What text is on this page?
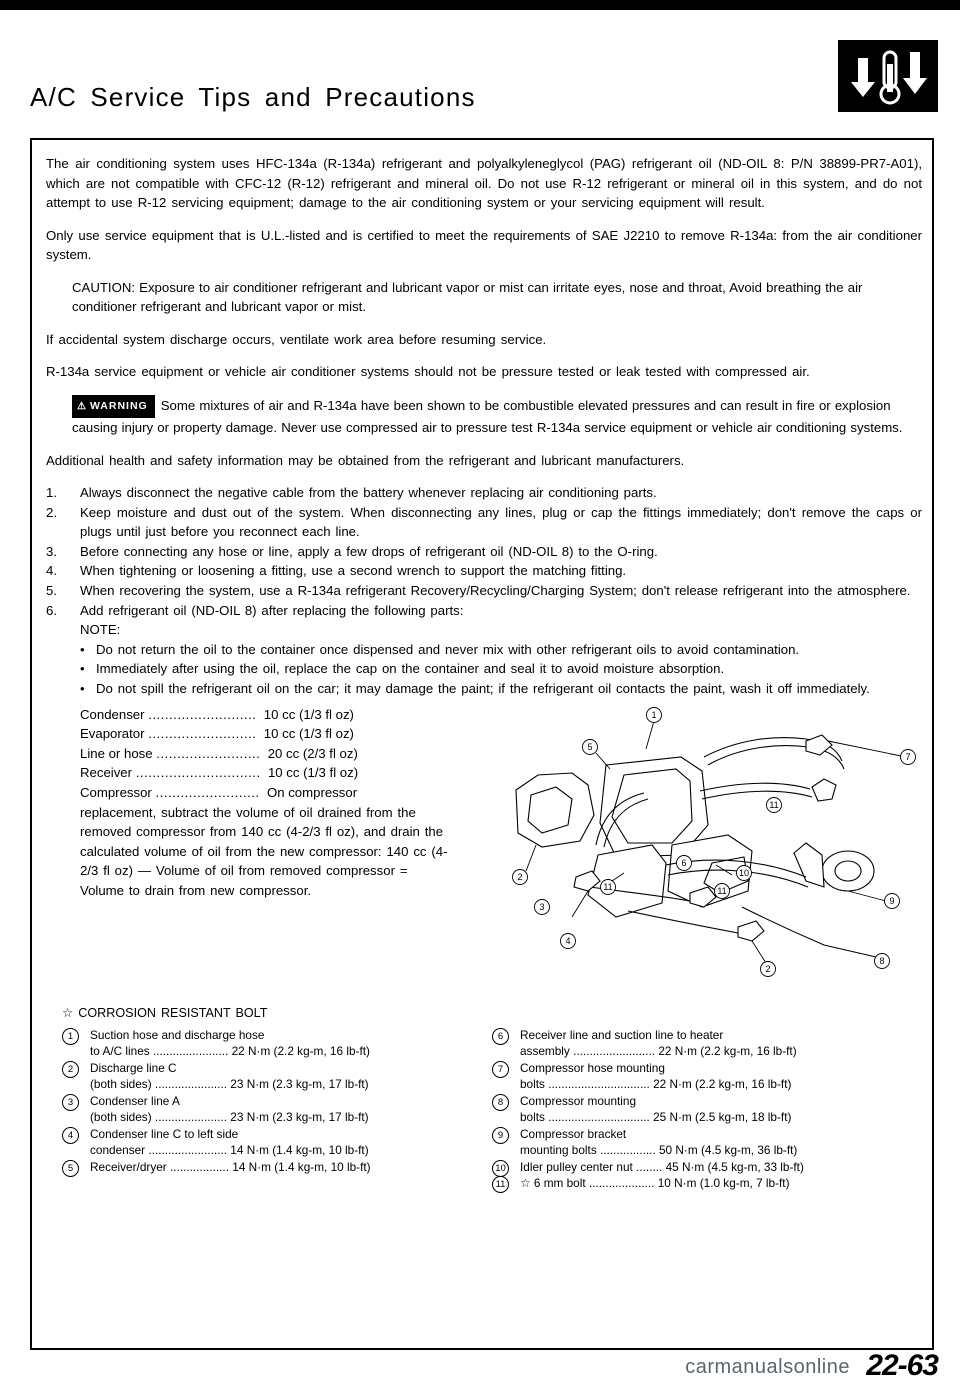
A/C Service Tips and Precautions

The air conditioning system uses HFC-134a (R-134a) refrigerant and polyalkyleneglycol (PAG) refrigerant oil (ND-OIL 8: P/N 38899-PR7-A01), which are not compatible with CFC-12 (R-12) refrigerant and mineral oil. Do not use R-12 refrigerant or mineral oil in this system, and do not attempt to use R-12 servicing equipment; damage to the air conditioning system or your servicing equipment will result.

Only use service equipment that is U.L.-listed and is certified to meet the requirements of SAE J2210 to remove R-134a: from the air conditioner system.

CAUTION: Exposure to air conditioner refrigerant and lubricant vapor or mist can irritate eyes, nose and throat, Avoid breathing the air conditioner refrigerant and lubricant vapor or mist.

If accidental system discharge occurs, ventilate work area before resuming service.

R-134a service equipment or vehicle air conditioner systems should not be pressure tested or leak tested with compressed air.

⚠ WARNING Some mixtures of air and R-134a have been shown to be combustible elevated pressures and can result in fire or explosion causing injury or property damage. Never use compressed air to pressure test R-134a service equipment or vehicle air conditioning systems.

Additional health and safety information may be obtained from the refrigerant and lubricant manufacturers.

1.	Always disconnect the negative cable from the battery whenever replacing air conditioning parts.
2.	Keep moisture and dust out of the system. When disconnecting any lines, plug or cap the fittings immediately; don't remove the caps or plugs until just before you reconnect each line.
3.	Before connecting any hose or line, apply a few drops of refrigerant oil (ND-OIL 8) to the O-ring.
4.	When tightening or loosening a fitting, use a second wrench to support the matching fitting.
5.	When recovering the system, use a R-134a refrigerant Recovery/Recycling/Charging System; don't release refrigerant into the atmosphere.
6.	Add refrigerant oil (ND-OIL 8) after replacing the following parts:
NOTE:
• Do not return the oil to the container once dispensed and never mix with other refrigerant oils to avoid contamination.
• Immediately after using the oil, replace the cap on the container and seal it to avoid moisture absorption.
• Do not spill the refrigerant oil on the car; it may damage the paint; if the refrigerant oil contacts the paint, wash it off immediately.
Condenser .......................... 10 cc (1/3 fl oz)
Evaporator .......................... 10 cc (1/3 fl oz)
Line or hose ......................... 20 cc (2/3 fl oz)
Receiver .............................. 10 cc (1/3 fl oz)
Compressor ......................... On compressor
replacement, subtract the volume of oil drained from the removed compressor from 140 cc (4-2/3 fl oz), and drain the calculated volume of oil from the new compressor: 140 cc (4-2/3 fl oz) — Volume of oil from removed compressor = Volume to drain from new compressor.
1
7
5
9
8
2
2
3
4
6
10
11	11
11
☆ CORROSION RESISTANT BOLT
1	Suction hose and discharge hose
to A/C lines ....................... 22 N·m (2.2 kg-m, 16 lb-ft)
2	Discharge line C
(both sides) ...................... 23 N·m (2.3 kg-m, 17 lb-ft)
3	Condenser line A
(both sides) ...................... 23 N·m (2.3 kg-m, 17 lb-ft)
4	Condenser line C to left side
condenser ........................ 14 N·m (1.4 kg-m, 10 lb-ft)
5	Receiver/dryer .................. 14 N·m (1.4 kg-m, 10 lb-ft)
6	Receiver line and suction line to heater
assembly ......................... 22 N·m (2.2 kg-m, 16 lb-ft)
7	Compressor hose mounting
bolts ............................... 22 N·m (2.2 kg-m, 16 lb-ft)
8	Compressor mounting
bolts ............................... 25 N·m (2.5 kg-m, 18 lb-ft)
9	Compressor bracket
mounting bolts ................. 50 N·m (4.5 kg-m, 36 lb-ft)
10 Idler pulley center nut ........ 45 N·m (4.5 kg-m, 33 lb-ft)
11	☆ 6 mm bolt .................... 10 N·m (1.0 kg-m, 7 lb-ft)
carmanualsonline 22-63
